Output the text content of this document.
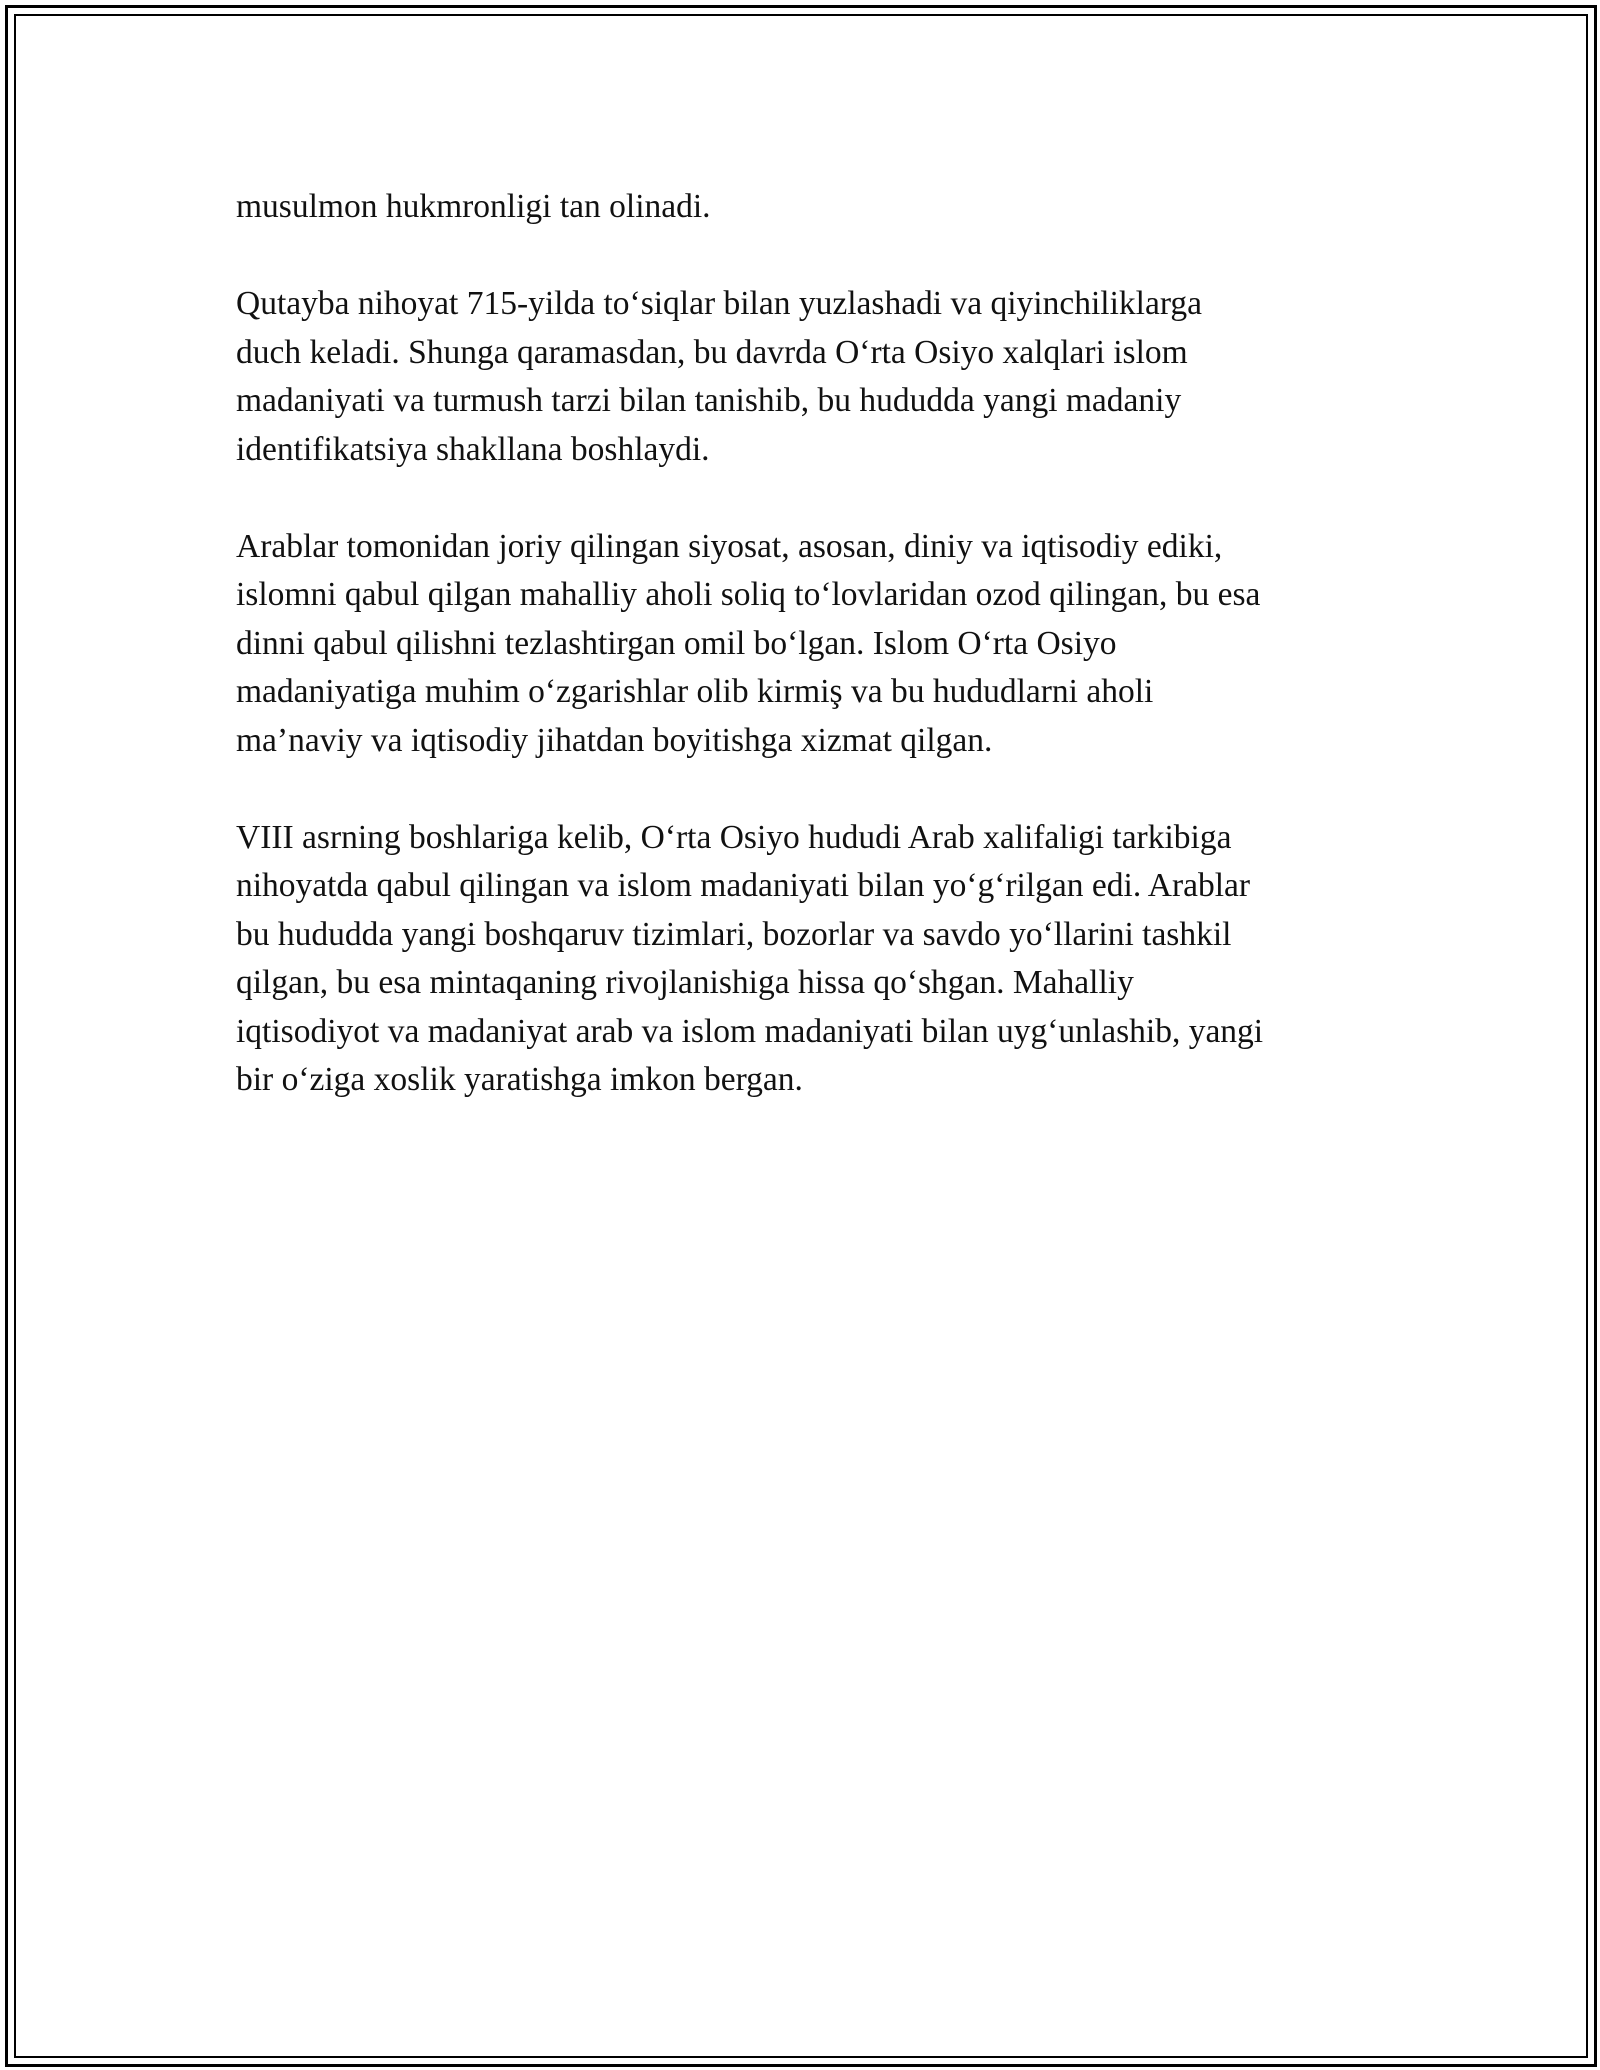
musulmon hukmronligi tan olinadi.

Qutayba nihoyat 715-yilda to‘siqlar bilan yuzlashadi va qiyinchiliklarga
duch keladi. Shunga qaramasdan, bu davrda O‘rta Osiyo xalqlari islom
madaniyati va turmush tarzi bilan tanishib, bu hududda yangi madaniy
identifikatsiya shakllana boshlaydi.

Arablar tomonidan joriy qilingan siyosat, asosan, diniy va iqtisodiy ediki,
islomni qabul qilgan mahalliy aholi soliq to‘lovlaridan ozod qilingan, bu esa
dinni qabul qilishni tezlashtirgan omil bo‘lgan. Islom O‘rta Osiyo
madaniyatiga muhim o‘zgarishlar olib kirmiş va bu hududlarni aholi
ma’naviy va iqtisodiy jihatdan boyitishga xizmat qilgan.

VIII asrning boshlariga kelib, O‘rta Osiyo hududi Arab xalifaligi tarkibiga
nihoyatda qabul qilingan va islom madaniyati bilan yo‘g‘rilgan edi. Arablar
bu hududda yangi boshqaruv tizimlari, bozorlar va savdo yo‘llarini tashkil
qilgan, bu esa mintaqaning rivojlanishiga hissa qo‘shgan. Mahalliy
iqtisodiyot va madaniyat arab va islom madaniyati bilan uyg‘unlashib, yangi
bir o‘ziga xoslik yaratishga imkon bergan.
